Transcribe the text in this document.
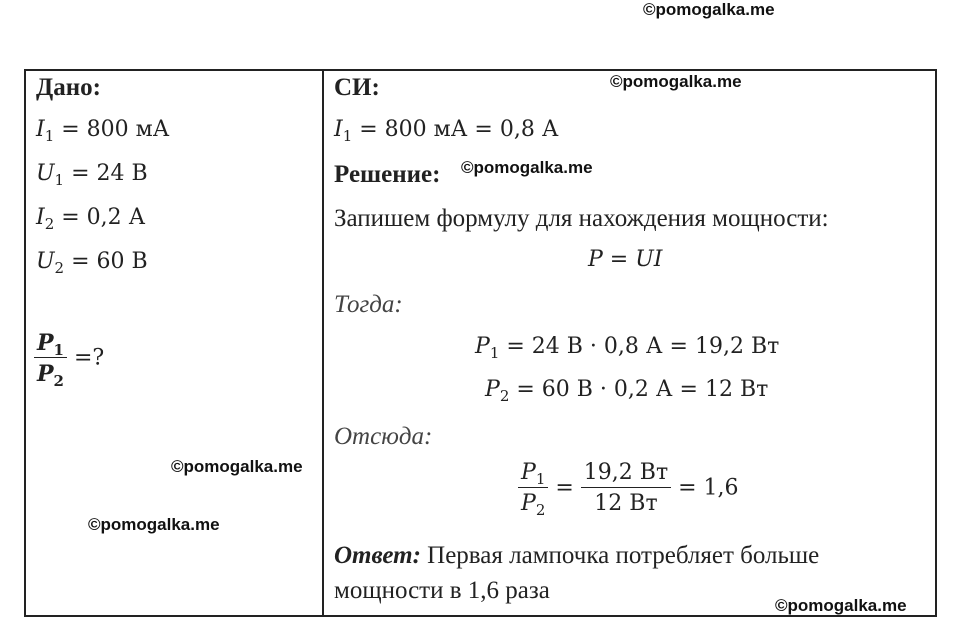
©pomogalka.me
©pomogalka.me
©pomogalka.me
©pomogalka.me
©pomogalka.me
©pomogalka.me
Дано:
$I_1 = 800$ мА
$U_1 = 24$ В
$I_2 = 0,2$ А
$U_2 = 60$ В
$\frac{P_1}{P_2}$ =?
СИ:
$I_1 = 800$ мА = 0,8 А
Решение:
Запишем формулу для нахождения мощности:
P = UI
Тогда:
$P_1 = 24$ В · 0,8 А = 19,2 Вт
$P_2 = 60$ В · 0,2 А = 12 Вт
Отсюда:
$\frac{P_1}{P_2} = \frac{19,2 Вт}{12 Вт} = 1,6$
Ответ: Первая лампочка потребляет больше
мощности в 1,6 раза
